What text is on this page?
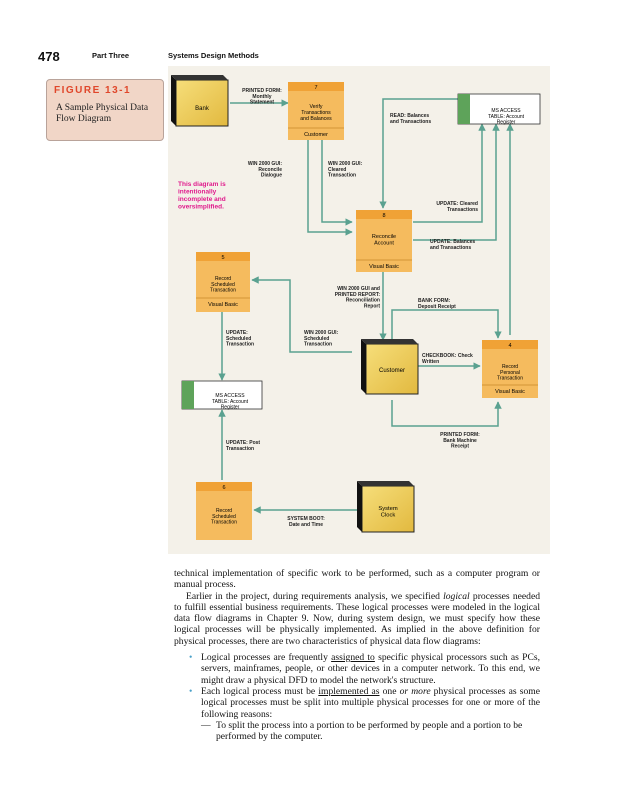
478	Part Three	Systems Design Methods
FIGURE 13-1
A Sample Physical Data Flow Diagram
Bank
Customer
System Clock
7
Verify Transactions and Balances
Customer
8
Reconcile Account
Visual Basic
5
Record Scheduled Transaction
Visual Basic
4
Record Personal Transaction
Visual Basic
6
Record Scheduled Transaction
MS ACCESS TABLE: Account Register
MS ACCESS TABLE: Account Register
PRINTED FORM: Monthly Statement
READ: Balances and Transactions
WIN 2000 GUI: Reconcile Dialogue
WIN 2000 GUI: Cleared Transaction
UPDATE: Cleared Transactions
UPDATE: Balances and Transactions
WIN 2000 GUI and PRINTED REPORT: Reconciliation Report
BANK FORM: Deposit Receipt
UPDATE: Scheduled Transaction
WIN 2000 GUI: Scheduled Transaction
CHECKBOOK: Check Written
PRINTED FORM: Bank Machine Receipt
UPDATE: Post Transaction
SYSTEM BOOT: Date and Time
This diagram is intentionally incomplete and oversimplified.

technical implementation of specific work to be performed, such as a computer program or manual process.

Earlier in the project, during requirements analysis, we specified logical processes needed to fulfill essential business requirements. These logical processes were modeled in the logical data flow diagrams in Chapter 9. Now, during system design, we must specify how these logical processes will be physically implemented. As implied in the above definition for physical processes, there are two characteristics of physical data flow diagrams:

• Logical processes are frequently assigned to specific physical processors such as PCs, servers, mainframes, people, or other devices in a computer network. To this end, we might draw a physical DFD to model the network's structure.
• Each logical process must be implemented as one or more physical processes as some logical processes must be split into multiple physical processes for one or more of the following reasons:
— To split the process into a portion to be performed by people and a portion to be performed by the computer.
